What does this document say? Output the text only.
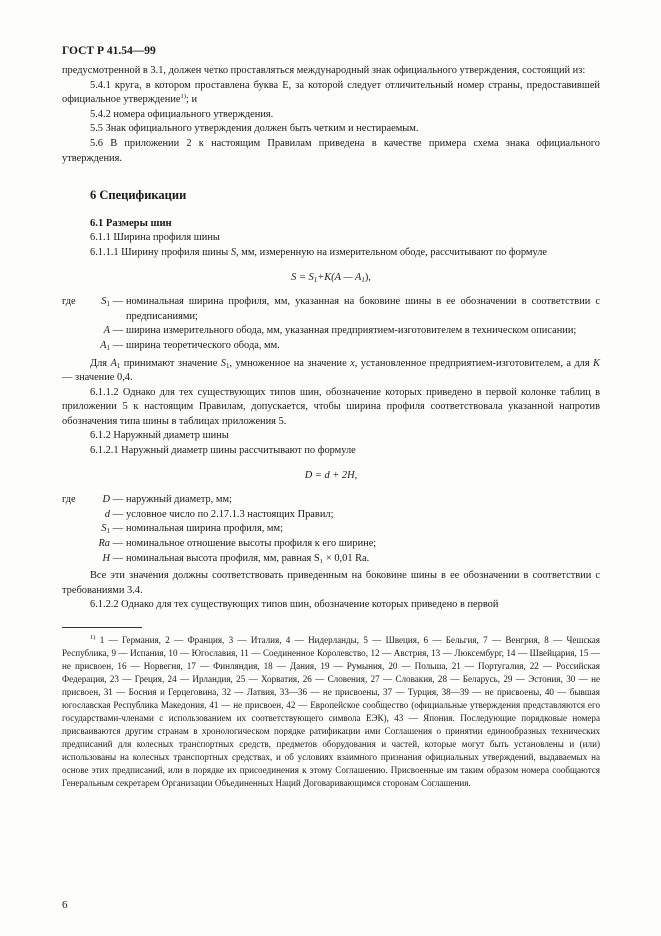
ГОСТ Р 41.54—99

предусмотренной в 3.1, должен четко проставляться международный знак официального утверждения, состоящий из:

5.4.1 круга, в котором проставлена буква E, за которой следует отличительный номер страны, предоставившей официальное утверждение$^{1)}$; и

5.4.2 номера официального утверждения.

5.5 Знак официального утверждения должен быть четким и нестираемым.

5.6 В приложении 2 к настоящим Правилам приведена в качестве примера схема знака официального утверждения.

6 Спецификации
6.1 Размеры шин

6.1.1 Ширина профиля шины

6.1.1.1 Ширину профиля шины S, мм, измеренную на измерительном ободе, рассчитывают по формуле

$S = S_1+K(A$ — $A_1$),
где	$S_1$ — номинальная ширина профиля, мм, указанная на боковине шины в ее обозначении в соответствии с предписаниями;
A — ширина измерительного обода, мм, указанная предприятием-изготовителем в техническом описании;
$A_1$ — ширина теоретического обода, мм.

Для $A_1$ принимают значение $S_1$, умноженное на значение x, установленное предприятием-изготовителем, а для K — значение 0,4.

6.1.1.2 Однако для тех существующих типов шин, обозначение которых приведено в первой колонке таблиц в приложении 5 к настоящим Правилам, допускается, чтобы ширина профиля соответствовала указанной напротив обозначения типа шины в таблицах приложения 5.

6.1.2 Наружный диаметр шины

6.1.2.1 Наружный диаметр шины рассчитывают по формуле

D = d + 2H,
где	D — наружный диаметр, мм;
d — условное число по 2.17.1.3 настоящих Правил;
$S_1$ — номинальная ширина профиля, мм;
Ra — номинальное отношение высоты профиля к его ширине;
H — номинальная высота профиля, мм, равная S₁ × 0,01 Ra.

Все эти значения должны соответствовать приведенным на боковине шины в ее обозначении в соответствии с требованиями 3.4.

6.1.2.2 Однако для тех существующих типов шин, обозначение которых приведено в первой

$^{1)}$ 1 — Германия, 2 — Франция, 3 — Италия, 4 — Нидерланды, 5 — Швеция, 6 — Бельгия, 7 — Венгрия, 8 — Чешская Республика, 9 — Испания, 10 — Югославия, 11 — Соединенное Королевство, 12 — Австрия, 13 — Люксембург, 14 — Швейцария, 15 — не присвоен, 16 — Норвегия, 17 — Финляндия, 18 — Дания, 19 — Румыния, 20 — Польша, 21 — Португалия, 22 — Российская Федерация, 23 — Греция, 24 — Ирландия, 25 — Хорватия, 26 — Словения, 27 — Словакия, 28 — Беларусь, 29 — Эстония, 30 — не присвоен, 31 — Босния и Герцеговина, 32 — Латвия, 33—36 — не присвоены, 37 — Турция, 38—39 — не присвоены, 40 — бывшая югославская Республика Македония, 41 — не присвоен, 42 — Европейское сообщество (официальные утверждения представляются его государствами-членами с использованием их соответствующего символа ЕЭК), 43 — Япония. Последующие порядковые номера присваиваются другим странам в хронологическом порядке ратификации ими Соглашения о принятии единообразных технических предписаний для колесных транспортных средств, предметов оборудования и частей, которые могут быть установлены и (или) использованы на колесных транспортных средствах, и об условиях взаимного признания официальных утверждений, выдаваемых на основе этих предписаний, или в порядке их присоединения к этому Соглашению. Присвоенные им таким образом номера сообщаются Генеральным секретарем Организации Объединенных Наций Договаривающимся сторонам Соглашения.
6
